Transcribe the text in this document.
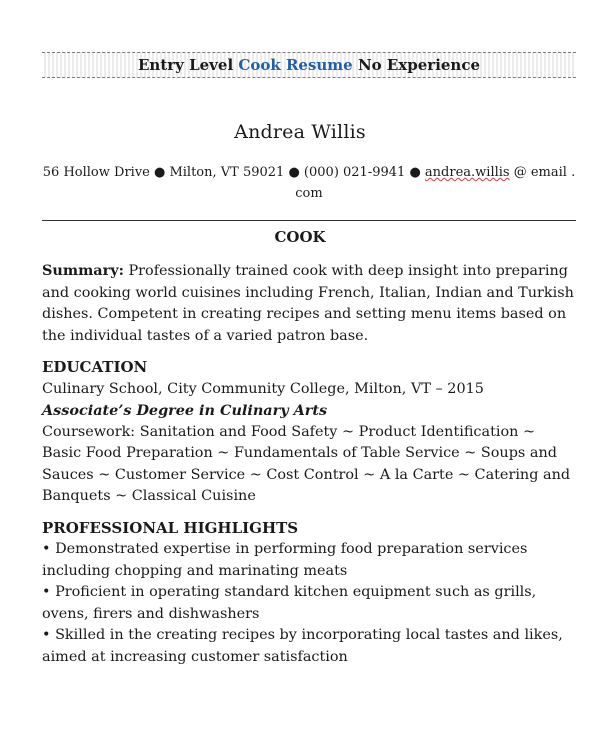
Entry Level Cook Resume No Experience
Andrea Willis
56 Hollow Drive ● Milton, VT 59021 ● (000) 021-9941 ● andrea.willis @ email . com
COOK

Summary: Professionally trained cook with deep insight into preparing and cooking world cuisines including French, Italian, Indian and Turkish dishes. Competent in creating recipes and setting menu items based on the individual tastes of a varied patron base.

EDUCATION

Culinary School, City Community College, Milton, VT – 2015

Associate’s Degree in Culinary Arts

Coursework: Sanitation and Food Safety ~ Product Identification ~ Basic Food Preparation ~ Fundamentals of Table Service ~ Soups and Sauces ~ Customer Service ~ Cost Control ~ A la Carte ~ Catering and Banquets ~ Classical Cuisine

PROFESSIONAL HIGHLIGHTS

• Demonstrated expertise in performing food preparation services including chopping and marinating meats

• Proficient in operating standard kitchen equipment such as grills, ovens, firers and dishwashers

• Skilled in the creating recipes by incorporating local tastes and likes, aimed at increasing customer satisfaction
